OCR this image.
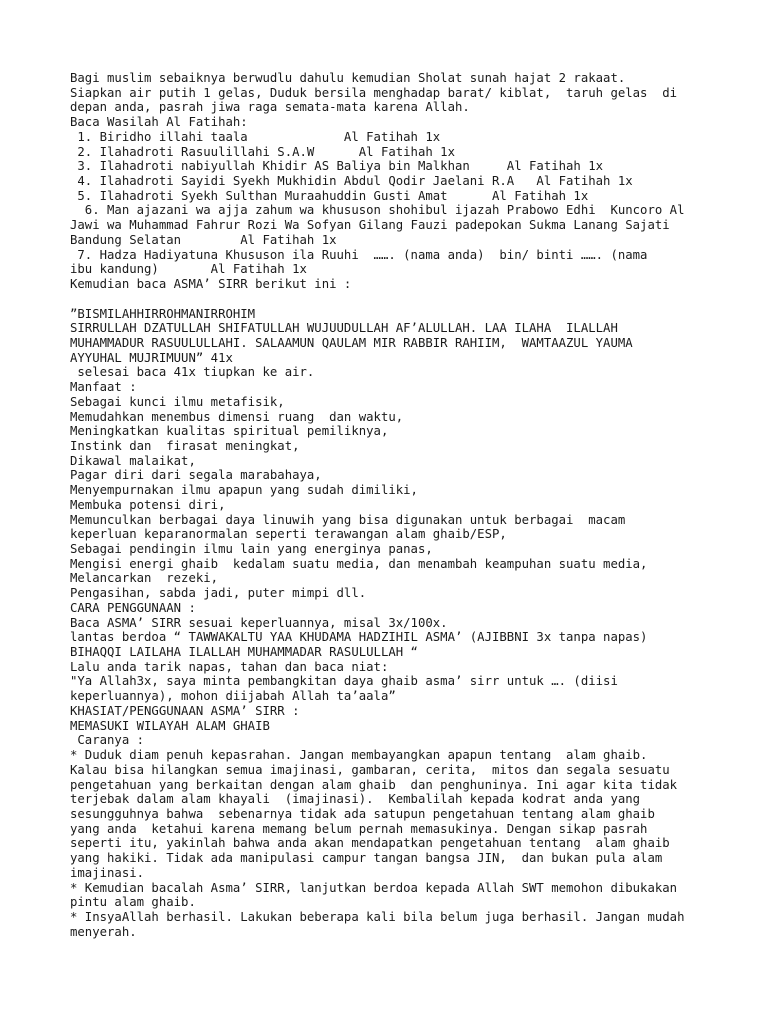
Bagi muslim sebaiknya berwudlu dahulu kemudian Sholat sunah hajat 2 rakaat.
Siapkan air putih 1 gelas, Duduk bersila menghadap barat/ kiblat,  taruh gelas  di
depan anda, pasrah jiwa raga semata-mata karena Allah.
Baca Wasilah Al Fatihah:
1. Biridho illahi taala             Al Fatihah 1x
2. Ilahadroti Rasuulillahi S.A.W      Al Fatihah 1x
3. Ilahadroti nabiyullah Khidir AS Baliya bin Malkhan     Al Fatihah 1x
4. Ilahadroti Sayidi Syekh Mukhidin Abdul Qodir Jaelani R.A   Al Fatihah 1x
5. Ilahadroti Syekh Sulthan Muraahuddin Gusti Amat      Al Fatihah 1x
6. Man ajazani wa ajja zahum wa khususon shohibul ijazah Prabowo Edhi  Kuncoro Al
Jawi wa Muhammad Fahrur Rozi Wa Sofyan Gilang Fauzi padepokan Sukma Lanang Sajati
Bandung Selatan        Al Fatihah 1x
7. Hadza Hadiyatuna Khususon ila Ruuhi  ……. (nama anda)  bin/ binti ……. (nama
ibu kandung)       Al Fatihah 1x
Kemudian baca ASMA’ SIRR berikut ini :
”BISMILAHHIRROHMANIRROHIM
SIRRULLAH DZATULLAH SHIFATULLAH WUJUUDULLAH AF’ALULLAH. LAA ILAHA  ILALLAH
MUHAMMADUR RASUULULLAHI. SALAAMUN QAULAM MIR RABBIR RAHIIM,  WAMTAAZUL YAUMA
AYYUHAL MUJRIMUUN” 41x
selesai baca 41x tiupkan ke air.
Manfaat :
Sebagai kunci ilmu metafisik,
Memudahkan menembus dimensi ruang  dan waktu,
Meningkatkan kualitas spiritual pemiliknya,
Instink dan  firasat meningkat,
Dikawal malaikat,
Pagar diri dari segala marabahaya,
Menyempurnakan ilmu apapun yang sudah dimiliki,
Membuka potensi diri,
Memunculkan berbagai daya linuwih yang bisa digunakan untuk berbagai  macam
keperluan keparanormalan seperti terawangan alam ghaib/ESP,
Sebagai pendingin ilmu lain yang energinya panas,
Mengisi energi ghaib  kedalam suatu media, dan menambah keampuhan suatu media,
Melancarkan  rezeki,
Pengasihan, sabda jadi, puter mimpi dll.
CARA PENGGUNAAN :
Baca ASMA’ SIRR sesuai keperluannya, misal 3x/100x.
lantas berdoa “ TAWWAKALTU YAA KHUDAMA HADZIHIL ASMA’ (AJIBBNI 3x tanpa napas)
BIHAQQI LAILAHA ILALLAH MUHAMMADAR RASULULLAH “
Lalu anda tarik napas, tahan dan baca niat:
"Ya Allah3x, saya minta pembangkitan daya ghaib asma’ sirr untuk …. (diisi
keperluannya), mohon diijabah Allah ta’aala”
KHASIAT/PENGGUNAAN ASMA’ SIRR :
MEMASUKI WILAYAH ALAM GHAIB
Caranya :
* Duduk diam penuh kepasrahan. Jangan membayangkan apapun tentang  alam ghaib.
Kalau bisa hilangkan semua imajinasi, gambaran, cerita,  mitos dan segala sesuatu
pengetahuan yang berkaitan dengan alam ghaib  dan penghuninya. Ini agar kita tidak
terjebak dalam alam khayali  (imajinasi).  Kembalilah kepada kodrat anda yang
sesungguhnya bahwa  sebenarnya tidak ada satupun pengetahuan tentang alam ghaib
yang anda  ketahui karena memang belum pernah memasukinya. Dengan sikap pasrah
seperti itu, yakinlah bahwa anda akan mendapatkan pengetahuan tentang  alam ghaib
yang hakiki. Tidak ada manipulasi campur tangan bangsa JIN,  dan bukan pula alam
imajinasi.
* Kemudian bacalah Asma’ SIRR, lanjutkan berdoa kepada Allah SWT memohon dibukakan
pintu alam ghaib.
* InsyaAllah berhasil. Lakukan beberapa kali bila belum juga berhasil. Jangan mudah
menyerah.
